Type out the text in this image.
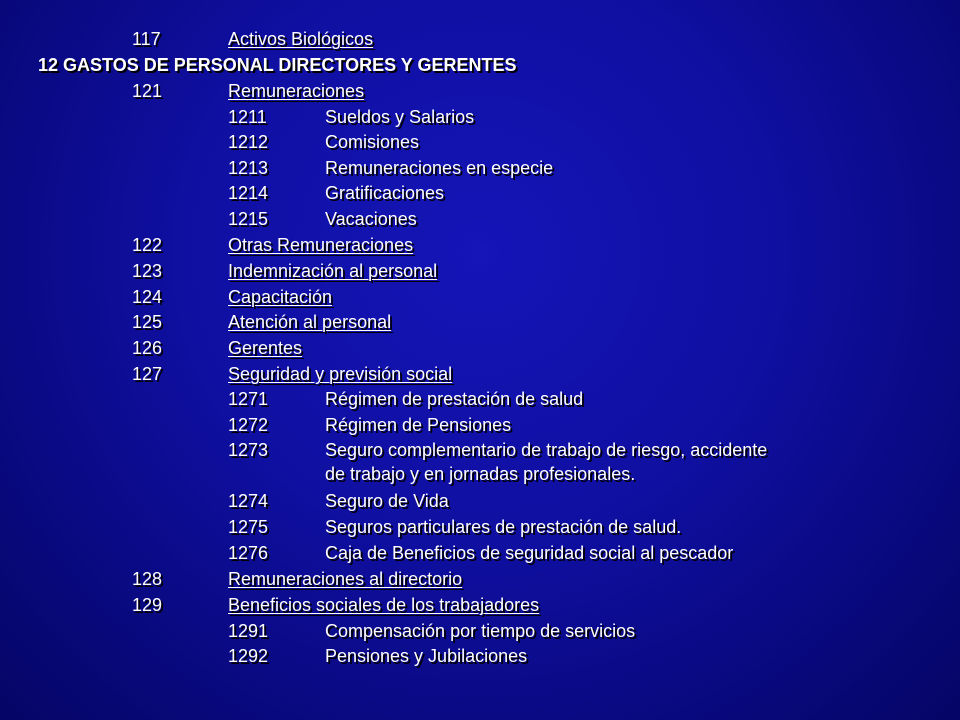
117	Activos Biológicos
12 GASTOS DE PERSONAL DIRECTORES Y GERENTES
121	Remuneraciones
1211	Sueldos y Salarios
1212	Comisiones
1213	Remuneraciones en especie
1214	Gratificaciones
1215	Vacaciones
122	Otras Remuneraciones
123	Indemnización al personal
124	Capacitación
125	Atención al personal
126	Gerentes
127	Seguridad y previsión social
1271	Régimen de prestación de salud
1272	Régimen de Pensiones
1273	Seguro complementario de trabajo de riesgo, accidente
de trabajo y en jornadas profesionales.
1274	Seguro de Vida
1275	Seguros particulares de prestación de salud.
1276	Caja de Beneficios de seguridad social al pescador
128	Remuneraciones al directorio
129	Beneficios sociales de los trabajadores
1291	Compensación por tiempo de servicios
1292	Pensiones y Jubilaciones
